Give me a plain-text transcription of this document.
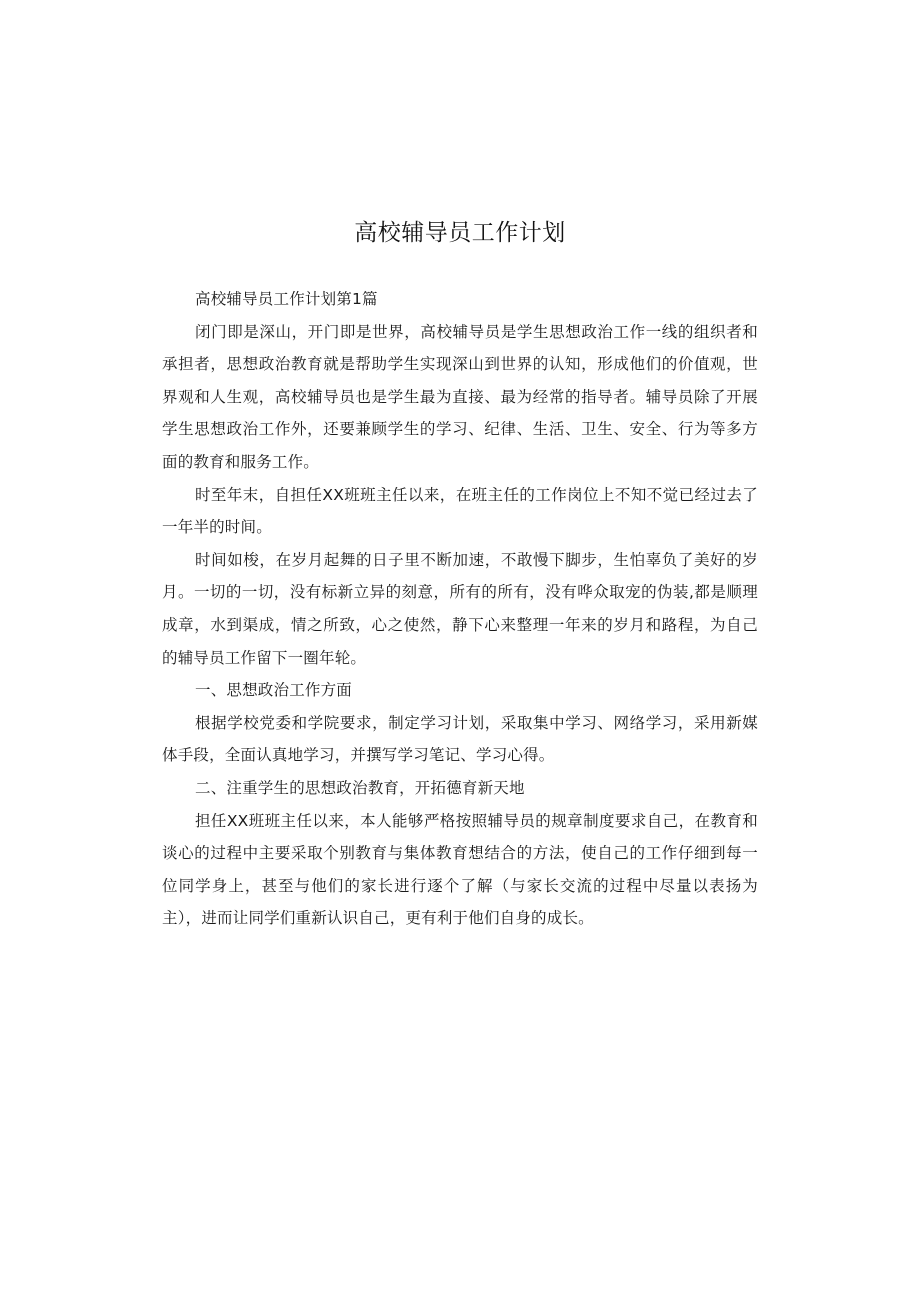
高校辅导员工作计划

高校辅导员工作计划第1篇

闭门即是深山，开门即是世界，高校辅导员是学生思想政治工作一线的组织者和承担者，思想政治教育就是帮助学生实现深山到世界的认知，形成他们的价值观，世界观和人生观，高校辅导员也是学生最为直接、最为经常的指导者。辅导员除了开展学生思想政治工作外，还要兼顾学生的学习、纪律、生活、卫生、安全、行为等多方面的教育和服务工作。

时至年末，自担任XX班班主任以来，在班主任的工作岗位上不知不觉已经过去了一年半的时间。

时间如梭，在岁月起舞的日子里不断加速，不敢慢下脚步，生怕辜负了美好的岁月。一切的一切，没有标新立异的刻意，所有的所有，没有哗众取宠的伪装,都是顺理成章，水到渠成，情之所致，心之使然，静下心来整理一年来的岁月和路程，为自己的辅导员工作留下一圈年轮。

一、思想政治工作方面

根据学校党委和学院要求，制定学习计划，采取集中学习、网络学习，采用新媒体手段，全面认真地学习，并撰写学习笔记、学习心得。

二、注重学生的思想政治教育，开拓德育新天地

担任XX班班主任以来，本人能够严格按照辅导员的规章制度要求自己，在教育和谈心的过程中主要采取个别教育与集体教育想结合的方法，使自己的工作仔细到每一位同学身上，甚至与他们的家长进行逐个了解（与家长交流的过程中尽量以表扬为主），进而让同学们重新认识自己，更有利于他们自身的成长。
